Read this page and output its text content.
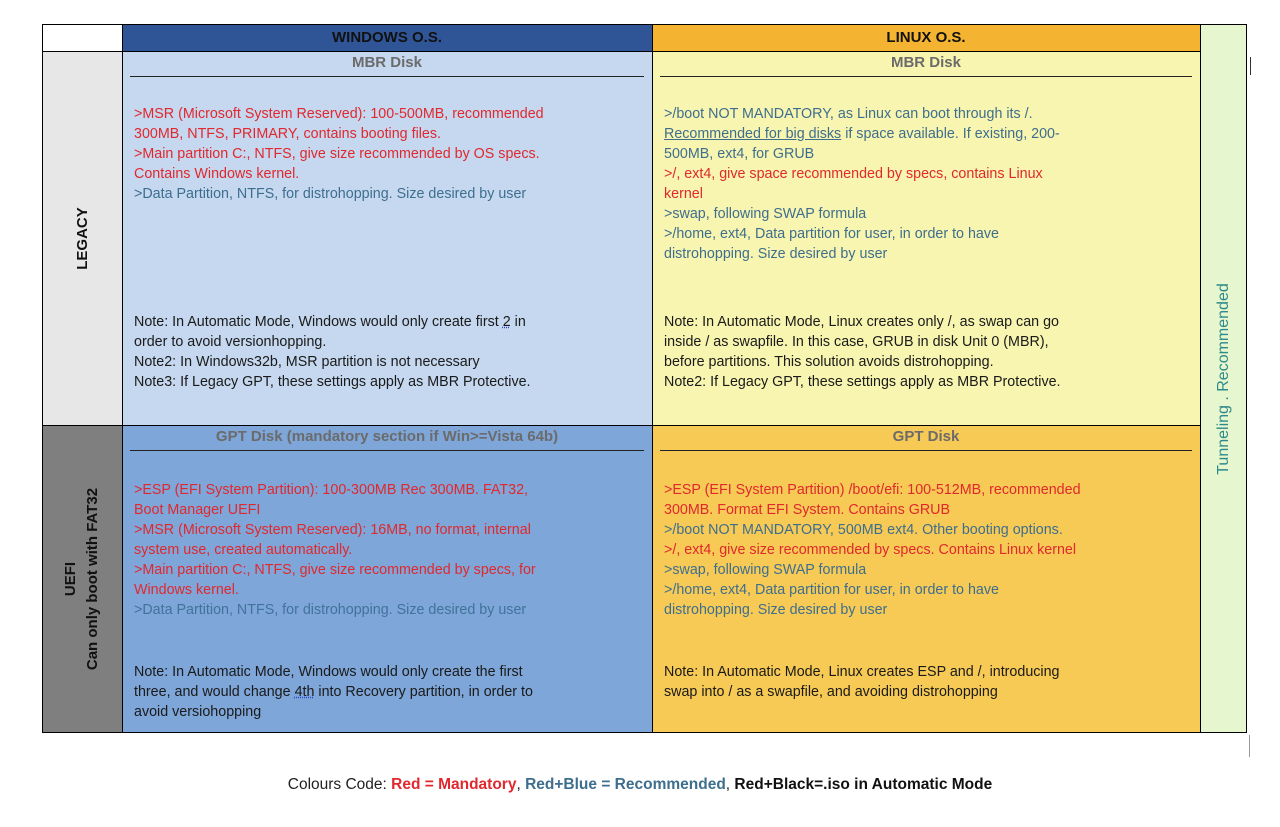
WINDOWS O.S.	LINUX O.S.
LEGACY
UEFI Can only boot with FAT32
Tunneling . Recommended
MBR Disk

>MSR (Microsoft System Reserved): 100-500MB, recommended

300MB, NTFS, PRIMARY, contains booting files.

>Main partition C:, NTFS, give size recommended by OS specs.

Contains Windows kernel.

>Data Partition, NTFS, for distrohopping. Size desired by user

Note: In Automatic Mode, Windows would only create first 2 in

order to avoid versionhopping.

Note2: In Windows32b, MSR partition is not necessary

Note3: If Legacy GPT, these settings apply as MBR Protective.

MBR Disk

>/boot NOT MANDATORY, as Linux can boot through its /.

Recommended for big disks if space available. If existing, 200-

500MB, ext4, for GRUB

>/, ext4, give space recommended by specs, contains Linux

kernel

>swap, following SWAP formula

>/home, ext4, Data partition for user, in order to have

distrohopping. Size desired by user

Note: In Automatic Mode, Linux creates only /, as swap can go

inside / as swapfile. In this case, GRUB in disk Unit 0 (MBR),

before partitions. This solution avoids distrohopping.

Note2: If Legacy GPT, these settings apply as MBR Protective.

GPT Disk (mandatory section if Win>=Vista 64b)

>ESP (EFI System Partition): 100-300MB Rec 300MB. FAT32,

Boot Manager UEFI

>MSR (Microsoft System Reserved): 16MB, no format, internal

system use, created automatically.

>Main partition C:, NTFS, give size recommended by specs, for

Windows kernel.

>Data Partition, NTFS, for distrohopping. Size desired by user

Note: In Automatic Mode, Windows would only create the first

three, and would change 4th into Recovery partition, in order to

avoid versiohopping

GPT Disk

>ESP (EFI System Partition) /boot/efi: 100-512MB, recommended

300MB. Format EFI System. Contains GRUB

>/boot NOT MANDATORY, 500MB ext4. Other booting options.

>/, ext4, give size recommended by specs. Contains Linux kernel

>swap, following SWAP formula

>/home, ext4, Data partition for user, in order to have

distrohopping. Size desired by user

Note: In Automatic Mode, Linux creates ESP and /, introducing

swap into / as a swapfile, and avoiding distrohopping

Colours Code: Red = Mandatory, Red+Blue = Recommended, Red+Black=.iso in Automatic Mode
